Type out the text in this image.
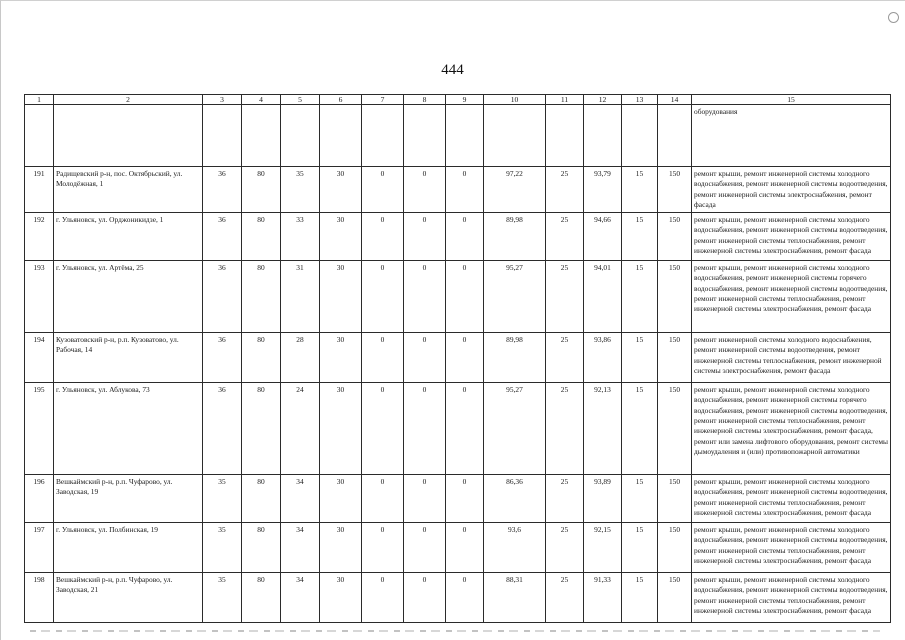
444
1	2	3	4	5	6	7	8	9	10	11	12	13	14	15
														оборудования
191	Радищевский р-н, пос. Октябрьский, ул. Молодёжная, 1	36	80	35	30	0	0	0	97,22	25	93,79	15	150	ремонт крыши, ремонт инженерной системы холодного водоснабжения, ремонт инженерной системы водоотведения, ремонт инженерной системы электроснабжения, ремонт фасада
192	г. Ульяновск, ул. Орджоникидзе, 1	36	80	33	30	0	0	0	89,98	25	94,66	15	150	ремонт крыши, ремонт инженерной системы холодного водоснабжения, ремонт инженерной системы водоотведения, ремонт инженерной системы теплоснабжения, ремонт инженерной системы электроснабжения, ремонт фасада
193	г. Ульяновск, ул. Артёма, 25	36	80	31	30	0	0	0	95,27	25	94,01	15	150	ремонт крыши, ремонт инженерной системы холодного водоснабжения, ремонт инженерной системы горячего водоснабжения, ремонт инженерной системы водоотведения, ремонт инженерной системы теплоснабжения, ремонт инженерной системы электроснабжения, ремонт фасада
194	Кузоватовский р-н, р.п. Кузоватово, ул. Рабочая, 14	36	80	28	30	0	0	0	89,98	25	93,86	15	150	ремонт инженерной системы холодного водоснабжения, ремонт инженерной системы водоотведения, ремонт инженерной системы теплоснабжения, ремонт инженерной системы электроснабжения, ремонт фасада
195	г. Ульяновск, ул. Аблукова, 73	36	80	24	30	0	0	0	95,27	25	92,13	15	150	ремонт крыши, ремонт инженерной системы холодного водоснабжения, ремонт инженерной системы горячего водоснабжения, ремонт инженерной системы водоотведения, ремонт инженерной системы теплоснабжения, ремонт инженерной системы электроснабжения, ремонт фасада, ремонт или замена лифтового оборудования, ремонт системы дымоудаления и (или) противопожарной автоматики
196	Вешкаймский р-н, р.п. Чуфарово, ул. Заводская, 19	35	80	34	30	0	0	0	86,36	25	93,89	15	150	ремонт крыши, ремонт инженерной системы холодного водоснабжения, ремонт инженерной системы водоотведения, ремонт инженерной системы теплоснабжения, ремонт инженерной системы электроснабжения, ремонт фасада
197	г. Ульяновск, ул. Полбинская, 19	35	80	34	30	0	0	0	93,6	25	92,15	15	150	ремонт крыши, ремонт инженерной системы холодного водоснабжения, ремонт инженерной системы водоотведения, ремонт инженерной системы теплоснабжения, ремонт инженерной системы электроснабжения, ремонт фасада
198	Вешкаймский р-н, р.п. Чуфарово, ул. Заводская, 21	35	80	34	30	0	0	0	88,31	25	91,33	15	150	ремонт крыши, ремонт инженерной системы холодного водоснабжения, ремонт инженерной системы водоотведения, ремонт инженерной системы теплоснабжения, ремонт инженерной системы электроснабжения, ремонт фасада
